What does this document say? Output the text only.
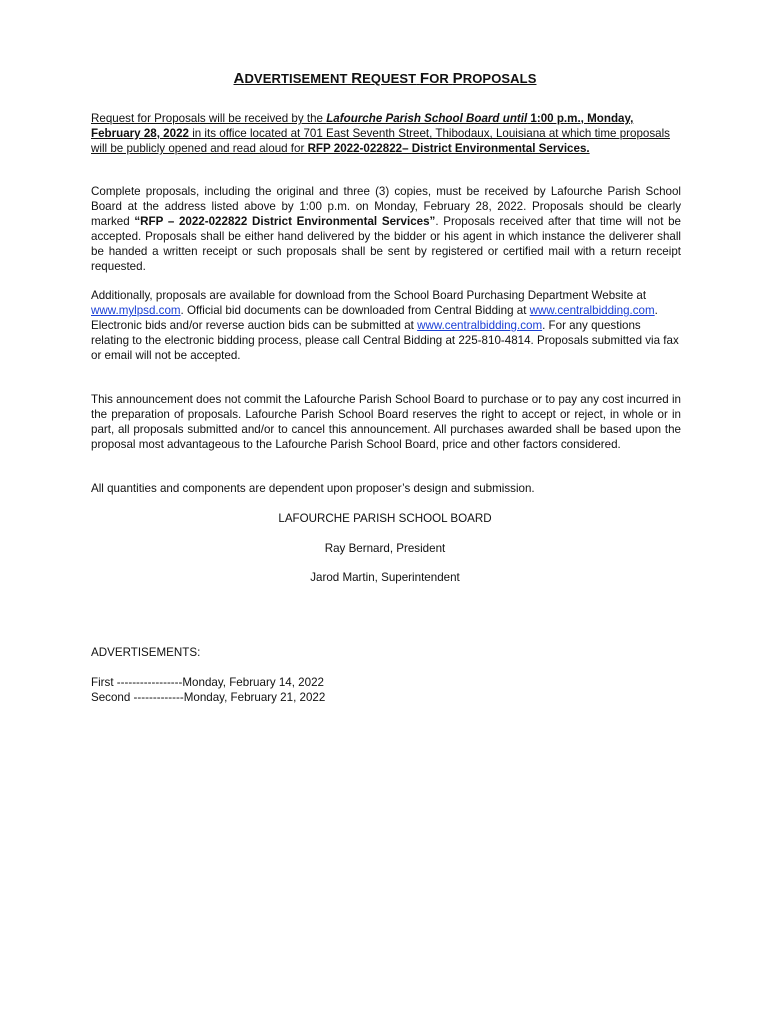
ADVERTISEMENT REQUEST FOR PROPOSALS

Request for Proposals will be received by the Lafourche Parish School Board until 1:00 p.m., Monday, February 28, 2022 in its office located at 701 East Seventh Street, Thibodaux, Louisiana at which time proposals will be publicly opened and read aloud for RFP 2022-022822– District Environmental Services.

Complete proposals, including the original and three (3) copies, must be received by Lafourche Parish School Board at the address listed above by 1:00 p.m. on Monday, February 28, 2022. Proposals should be clearly marked “RFP – 2022-022822 District Environmental Services”. Proposals received after that time will not be accepted. Proposals shall be either hand delivered by the bidder or his agent in which instance the deliverer shall be handed a written receipt or such proposals shall be sent by registered or certified mail with a return receipt requested.

Additionally, proposals are available for download from the School Board Purchasing Department Website at www.mylpsd.com. Official bid documents can be downloaded from Central Bidding at www.centralbidding.com. Electronic bids and/or reverse auction bids can be submitted at www.centralbidding.com. For any questions relating to the electronic bidding process, please call Central Bidding at 225-810-4814. Proposals submitted via fax or email will not be accepted.

This announcement does not commit the Lafourche Parish School Board to purchase or to pay any cost incurred in the preparation of proposals. Lafourche Parish School Board reserves the right to accept or reject, in whole or in part, all proposals submitted and/or to cancel this announcement. All purchases awarded shall be based upon the proposal most advantageous to the Lafourche Parish School Board, price and other factors considered.

All quantities and components are dependent upon proposer’s design and submission.

LAFOURCHE PARISH SCHOOL BOARD
Ray Bernard, President
Jarod Martin, Superintendent
ADVERTISEMENTS:
First -----------------Monday, February 14, 2022
Second -------------Monday, February 21, 2022
